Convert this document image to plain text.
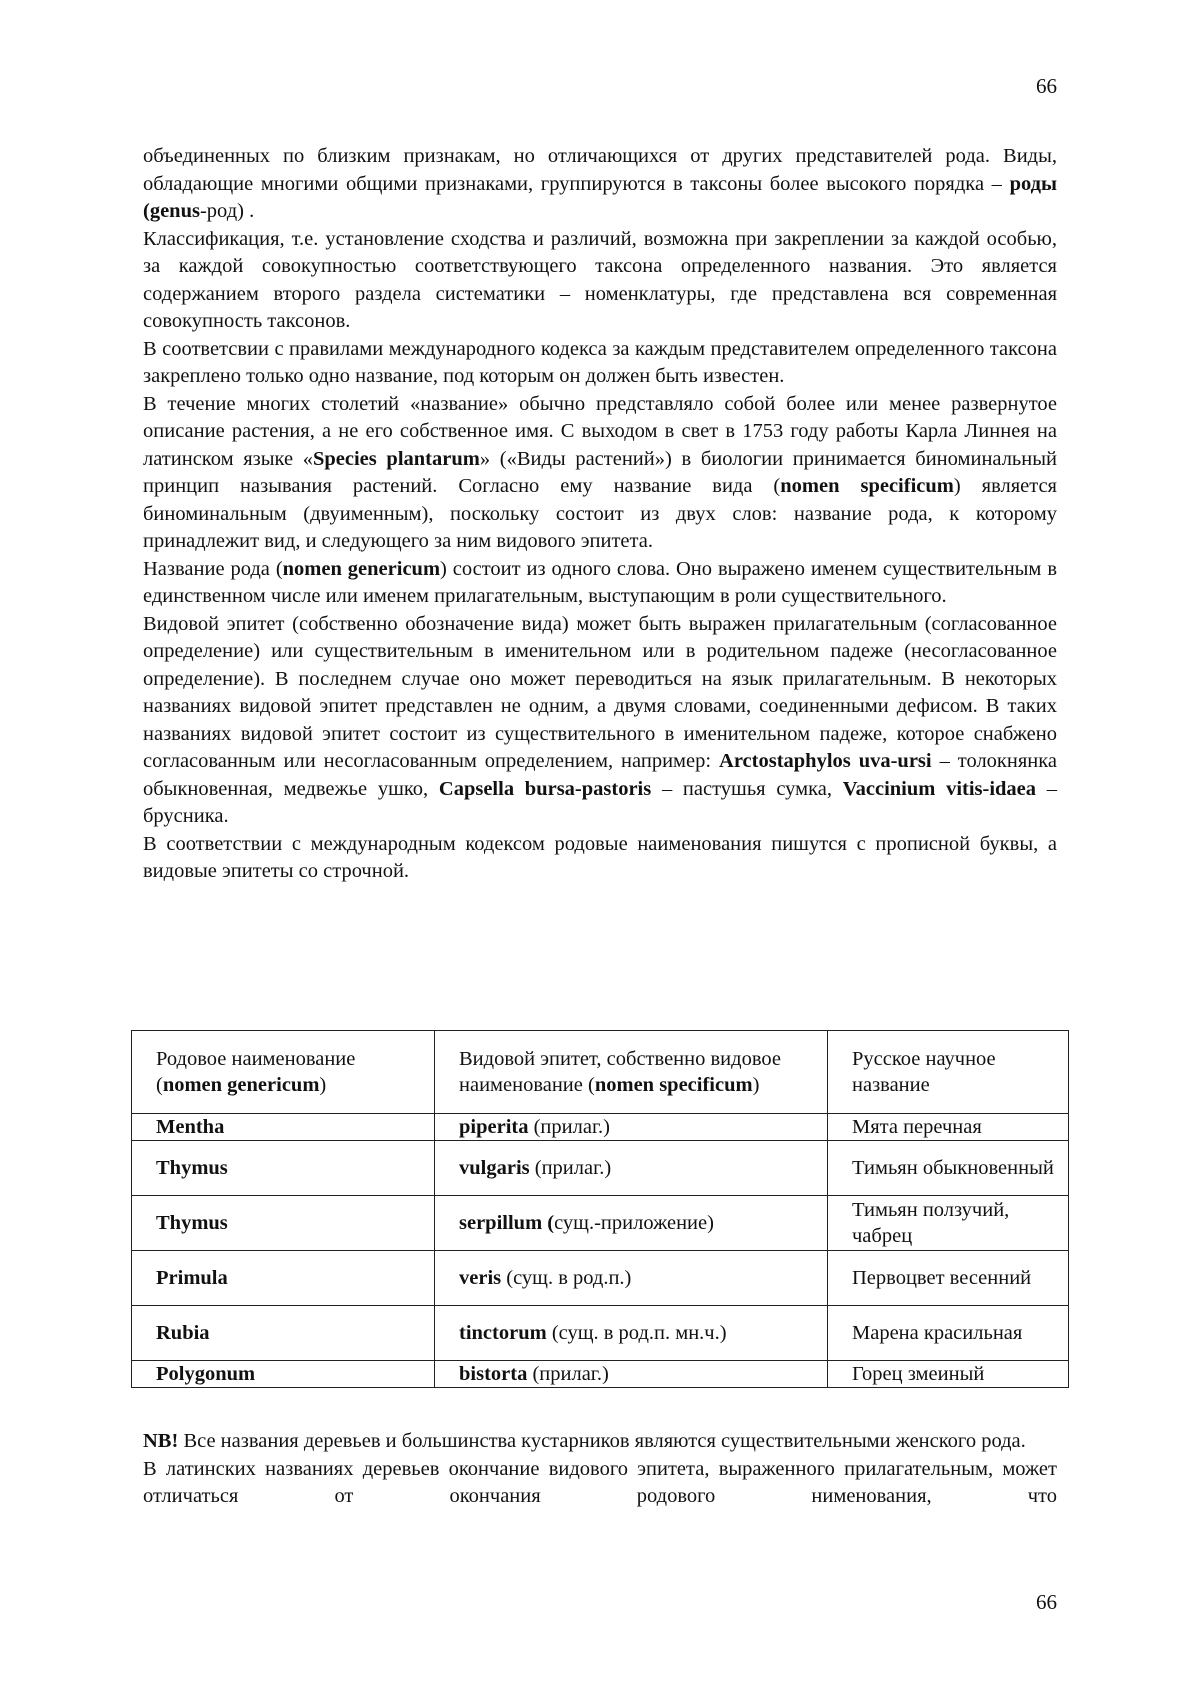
66

объединенных по близким признакам, но отличающихся от других представителей рода. Виды, обладающие многими общими признаками, группируются в таксоны более высокого порядка – роды (genus-род) .

Классификация, т.е. установление сходства и различий, возможна при закреплении за каждой особью, за каждой совокупностью соответствующего таксона определенного названия. Это является содержанием второго раздела систематики – номенклатуры, где представлена вся современная совокупность таксонов.

В соответсвии с правилами международного кодекса за каждым представителем определенного таксона закреплено только одно название, под которым он должен быть известен.

В течение многих столетий «название» обычно представляло собой более или менее развернутое описание растения, а не его собственное имя. С выходом в свет в 1753 году работы Карла Линнея на латинском языке «Species plantarum» («Виды растений») в биологии принимается биноминальный принцип называния растений. Согласно ему название вида (nomen specificum) является биноминальным (двуименным), поскольку состоит из двух слов: название рода, к которому принадлежит вид, и следующего за ним видового эпитета.

Название рода (nomen genericum) состоит из одного слова. Оно выражено именем существительным в единственном числе или именем прилагательным, выступающим в роли существительного.

Видовой эпитет (собственно обозначение вида) может быть выражен прилагательным (согласованное определение) или существительным в именительном или в родительном падеже (несогласованное определение). В последнем случае оно может переводиться на язык прилагательным. В некоторых названиях видовой эпитет представлен не одним, а двумя словами, соединенными дефисом. В таких названиях видовой эпитет состоит из существительного в именительном падеже, которое снабжено согласованным или несогласованным определением, например: Arctostaphylos uva-ursi – толокнянка обыкновенная, медвежье ушко, Capsella bursa-pastoris – пастушья сумка, Vaccinium vitis-idaea – брусника.

В соответствии с международным кодексом родовые наименования пишутся с прописной буквы, а видовые эпитеты со строчной.

Родовое наименование (nomen genericum)	Видовой эпитет, собственно видовое наименование (nomen specificum)	Русское научное название
Mentha	piperita (прилаг.)	Мята перечная
Thymus	vulgaris (прилаг.)	Тимьян обыкновенный
Thymus	serpillum (сущ.-приложение)	Тимьян ползучий, чабрец
Primula	veris (сущ. в род.п.)	Первоцвет весенний
Rubia	tinctorum (сущ. в род.п. мн.ч.)	Марена красильная
Polygonum	bistorta (прилаг.)	Горец змеиный

NB! Все названия деревьев и большинства кустарников являются существительными женского рода.

В латинских названиях деревьев окончание видового эпитета, выраженного прилагательным, может отличаться от окончания родового нименования, что

66
